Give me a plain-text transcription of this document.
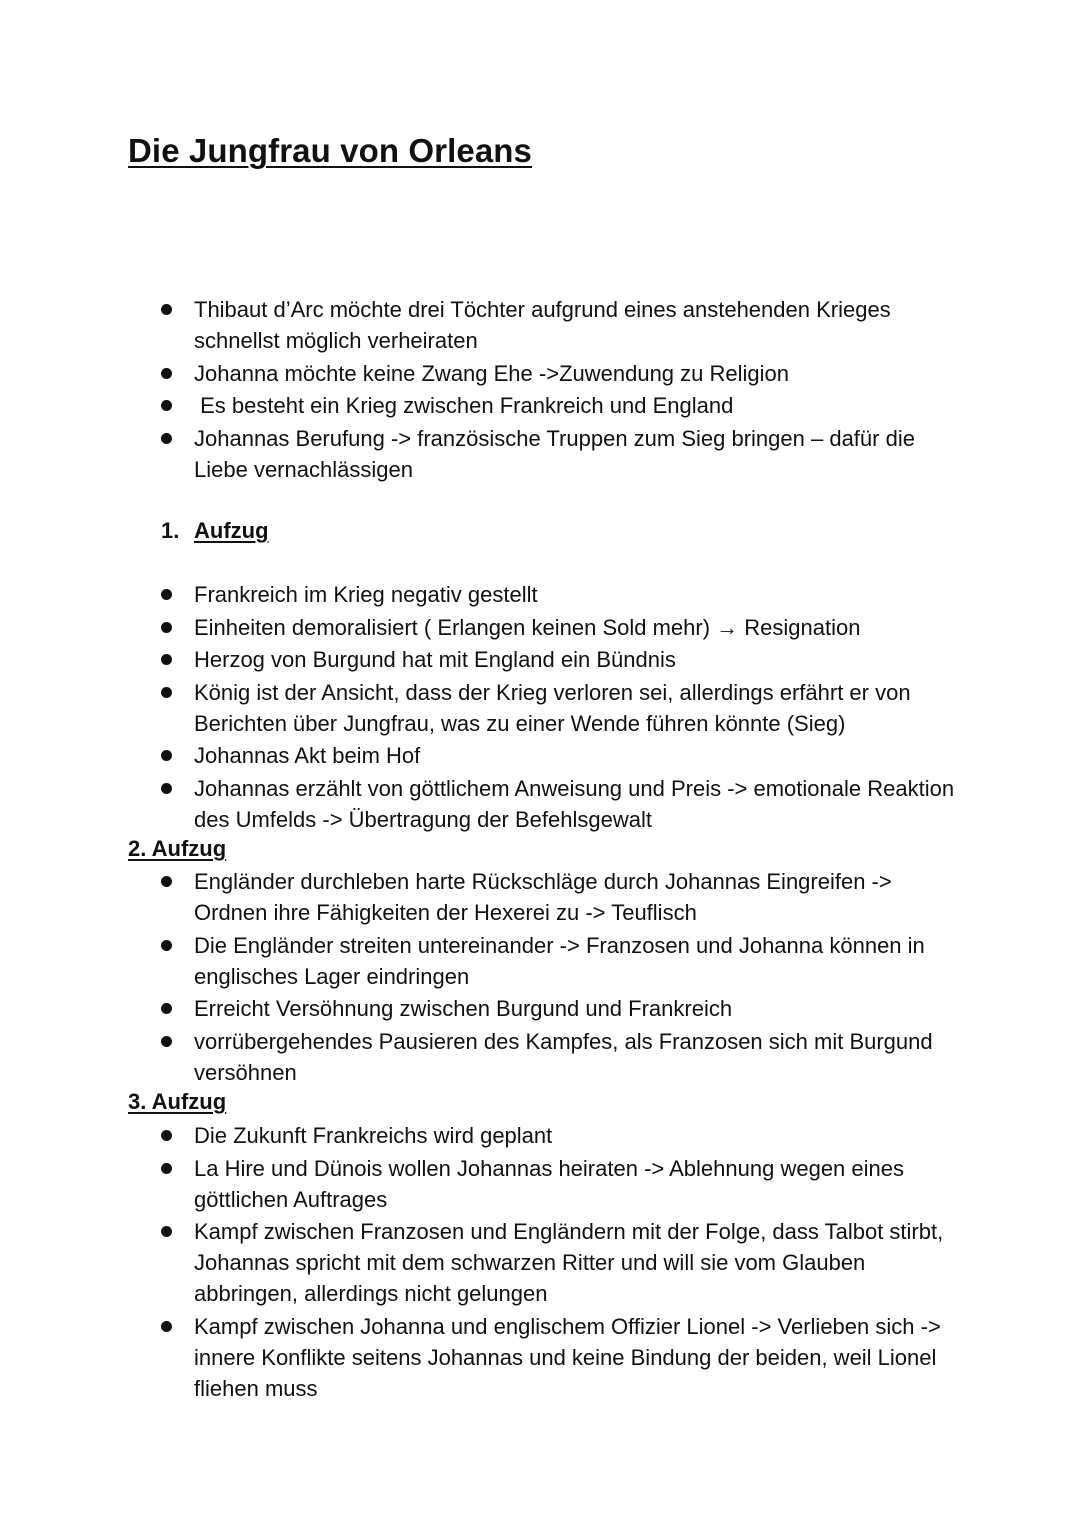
Die Jungfrau von Orleans
Thibaut d’Arc möchte drei Töchter aufgrund eines anstehenden Krieges schnellst möglich verheiraten
Johanna möchte keine Zwang Ehe ->Zuwendung zu Religion
Es besteht ein Krieg zwischen Frankreich und England
Johannas Berufung -> französische Truppen zum Sieg bringen – dafür die Liebe vernachlässigen
1. Aufzug
Frankreich im Krieg negativ gestellt
Einheiten demoralisiert ( Erlangen keinen Sold mehr) → Resignation
Herzog von Burgund hat mit England ein Bündnis
König ist der Ansicht, dass der Krieg verloren sei, allerdings erfährt er von Berichten über Jungfrau, was zu einer Wende führen könnte (Sieg)
Johannas Akt beim Hof
Johannas erzählt von göttlichem Anweisung und Preis -> emotionale Reaktion des Umfelds -> Übertragung der Befehlsgewalt
2. Aufzug
Engländer durchleben harte Rückschläge durch Johannas Eingreifen -> Ordnen ihre Fähigkeiten der Hexerei zu -> Teuflisch
Die Engländer streiten untereinander -> Franzosen und Johanna können in englisches Lager eindringen
Erreicht Versöhnung zwischen Burgund und Frankreich
vorrübergehendes Pausieren des Kampfes, als Franzosen sich mit Burgund versöhnen
3. Aufzug
Die Zukunft Frankreichs wird geplant
La Hire und Dünois wollen Johannas heiraten -> Ablehnung wegen eines göttlichen Auftrages
Kampf zwischen Franzosen und Engländern mit der Folge, dass Talbot stirbt, Johannas spricht mit dem schwarzen Ritter und will sie vom Glauben abbringen, allerdings nicht gelungen
Kampf zwischen Johanna und englischem Offizier Lionel -> Verlieben sich -> innere Konflikte seitens Johannas und keine Bindung der beiden, weil Lionel fliehen muss
